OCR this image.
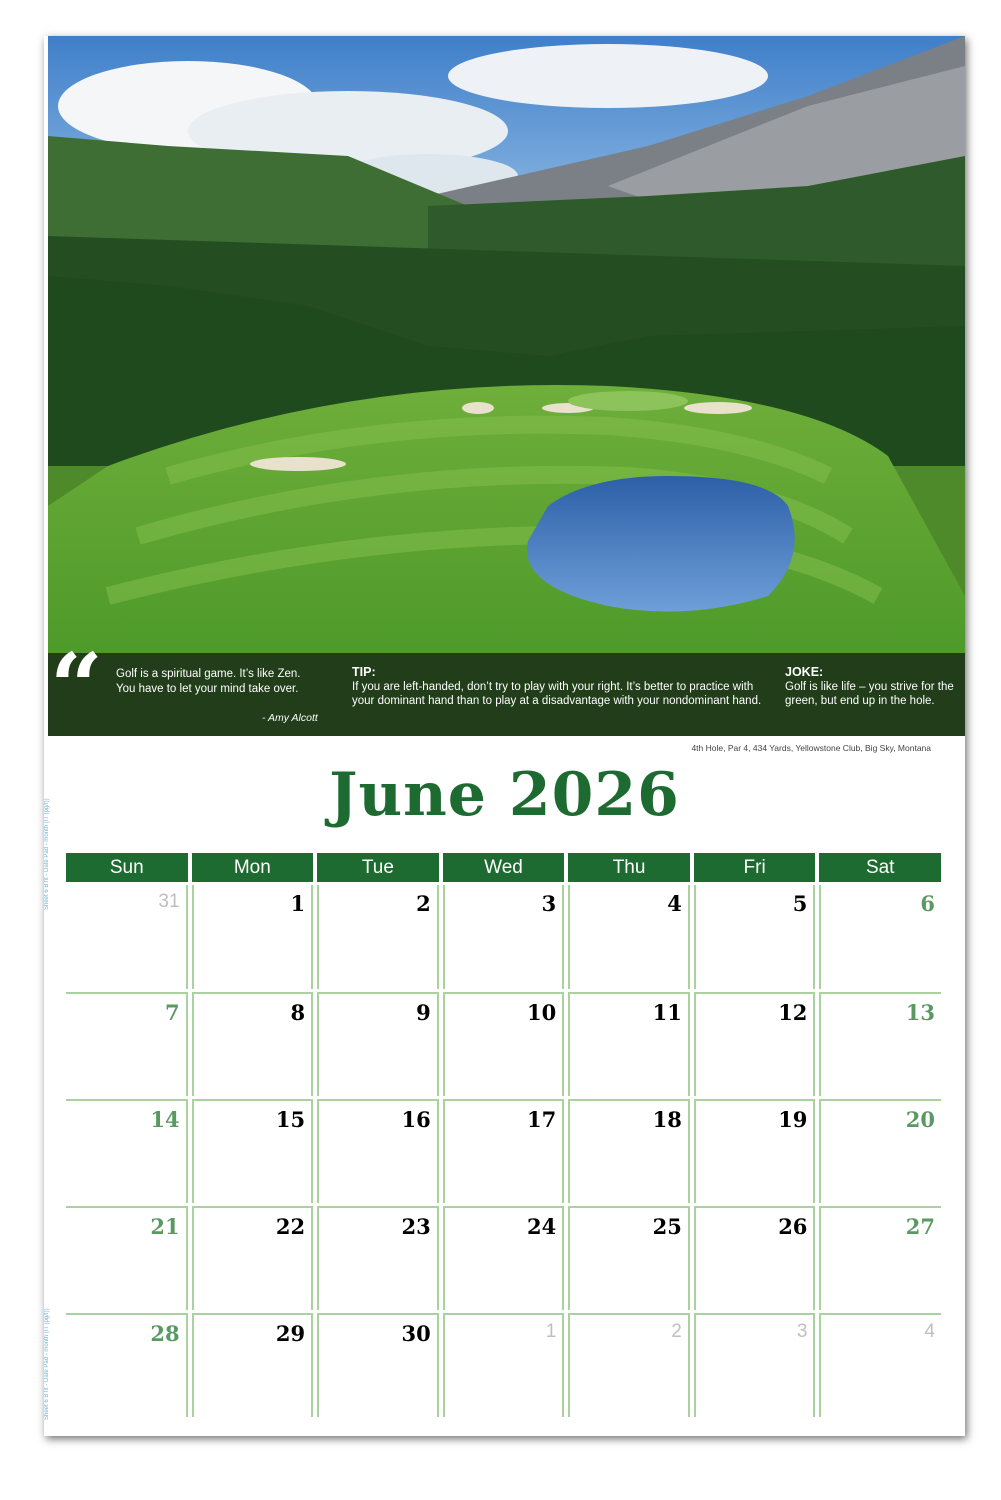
“ Golf is a spiritual game. It’s like Zen. You have to let your mind take over.
- Amy Alcott
TIP:
If you are left-handed, don’t try to play with your right. It’s better to practice with your dominant hand than to play at a disadvantage with your nondominant hand.
JOKE:
Golf is like life – you strive for the green, but end up in the hole.
4th Hole, Par 4, 434 Yards, Yellowstone Club, Big Sky, Montana
June 2026
Sun	Mon	Tue	Wed	Thu	Fri	Sat
31	1	2	3	4	5	6
7	8	9	10	11	12	13
14	15	16	17	18	19	20
21	22	23	24	25	26	27
28	29	30	1	2	3	4
Sheet 6 B fit - Date Pad - month (IT (pg/f))
Sheet 6 B fit - Date Pad - month (IT (pg/f))
